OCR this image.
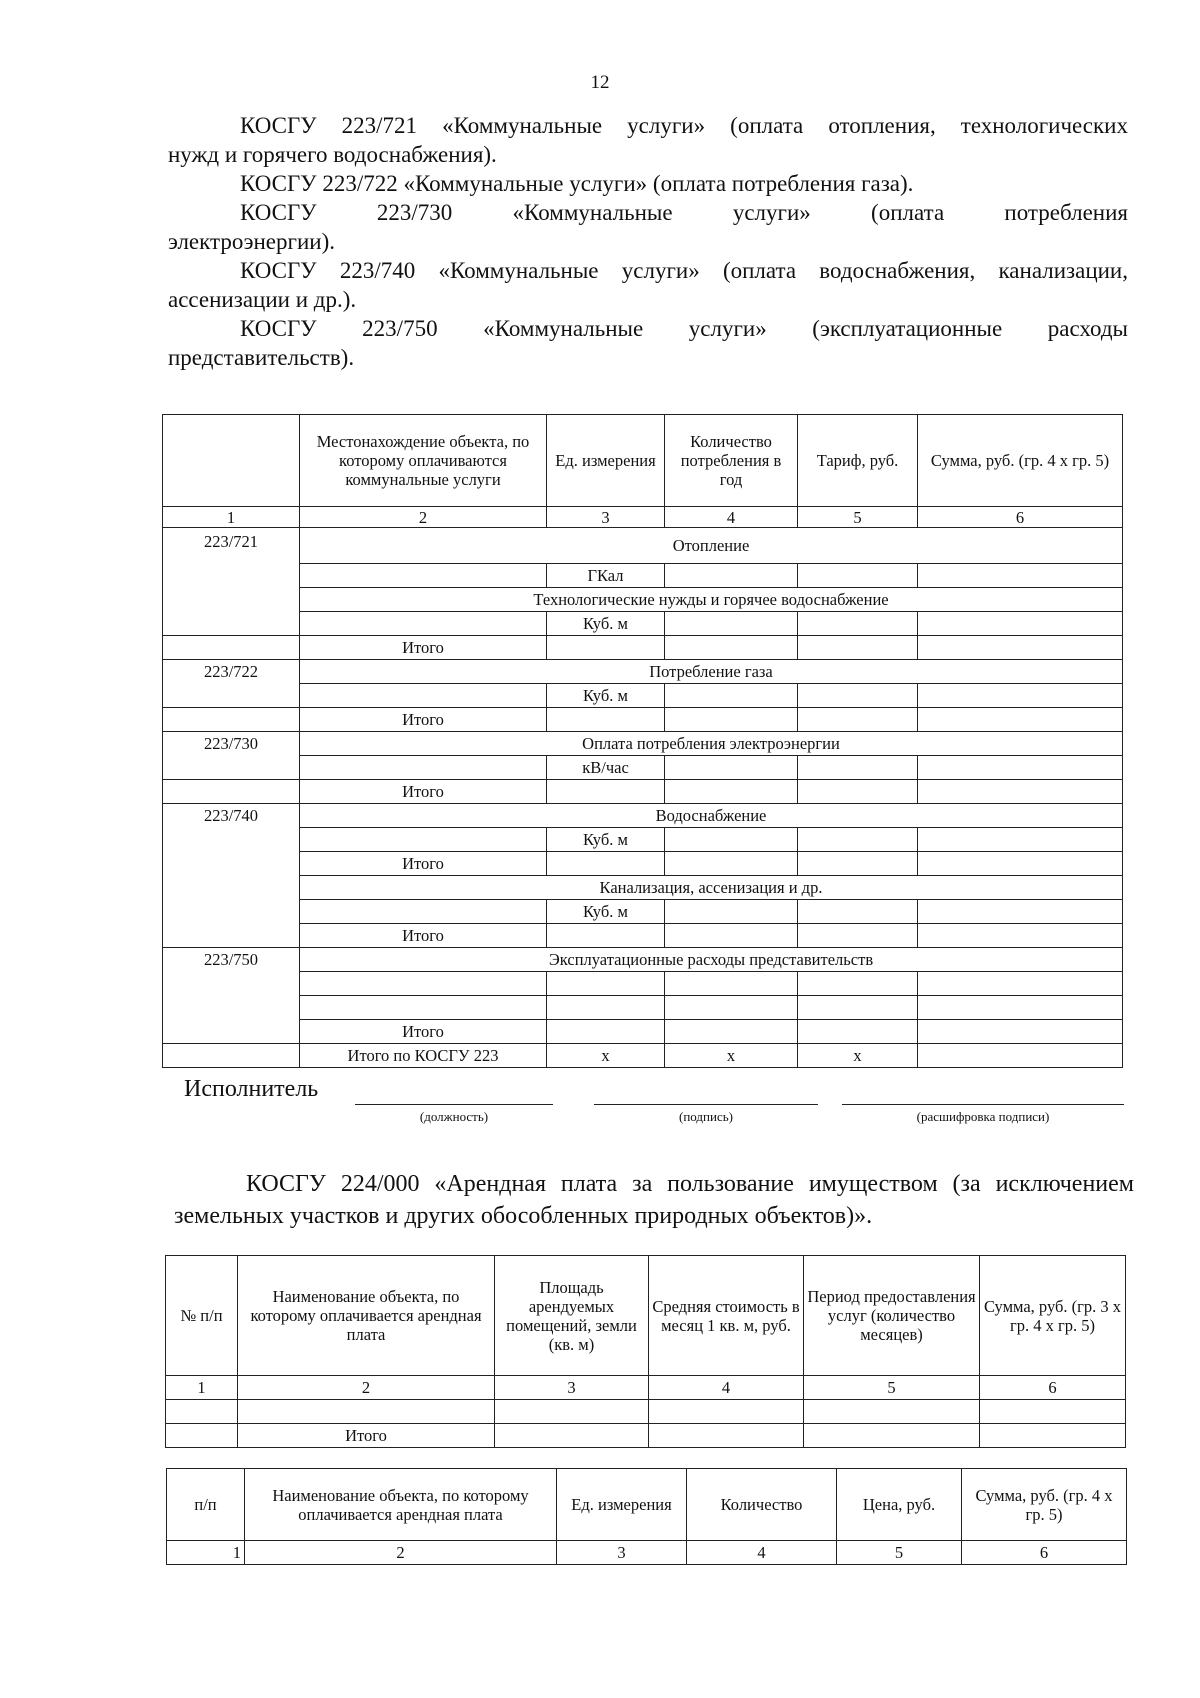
12
КОСГУ 223/721 «Коммунальные услуги» (оплата отопления, технологических
нужд и горячего водоснабжения).
КОСГУ 223/722 «Коммунальные услуги» (оплата потребления газа).
КОСГУ 223/730 «Коммунальные услуги» (оплата потребления
электроэнергии).
КОСГУ 223/740 «Коммунальные услуги» (оплата водоснабжения, канализации,
ассенизации и др.).
КОСГУ 223/750 «Коммунальные услуги» (эксплуатационные расходы
представительств).
	Местонахождение объекта, по которому оплачиваются коммунальные услуги	Ед. измерения	Количество потребления в год	Тариф, руб.	Сумма, руб. (гр. 4 х гр. 5)
1	2	3	4	5	6
223/721	Отопление				
		ГКал			
	Технологические нужды и горячее водоснабжение				
		Куб. м			
	Итого				
223/722	Потребление газа				
		Куб. м			
	Итого				
223/730	Оплата потребления электроэнергии				
		кВ/час			
	Итого				
223/740	Водоснабжение				
		Куб. м			
	Итого				
	Канализация, ассенизация и др.				
		Куб. м			
	Итого				
223/750	Эксплуатационные расходы представительств				

	Итого				
	Итого по КОСГУ 223	х	х	х	
Исполнитель
(должность)	(подпись)	(расшифровка подписи)
КОСГУ 224/000 «Арендная плата за пользование имуществом (за исключением
земельных участков и других обособленных природных объектов)».
№ п/п	Наименование объекта, по которому оплачивается арендная плата	Площадь арендуемых помещений, земли (кв. м)	Средняя стоимость в месяц 1 кв. м, руб.	Период предоставления услуг (количество месяцев)	Сумма, руб. (гр. 3 х гр. 4 х гр. 5)
1	2	3	4	5	6

	Итого				
п/п	Наименование объекта, по которому оплачивается арендная плата	Ед. измерения	Количество	Цена, руб.	Сумма, руб. (гр. 4 х гр. 5)
1	2	3	4	5	6
